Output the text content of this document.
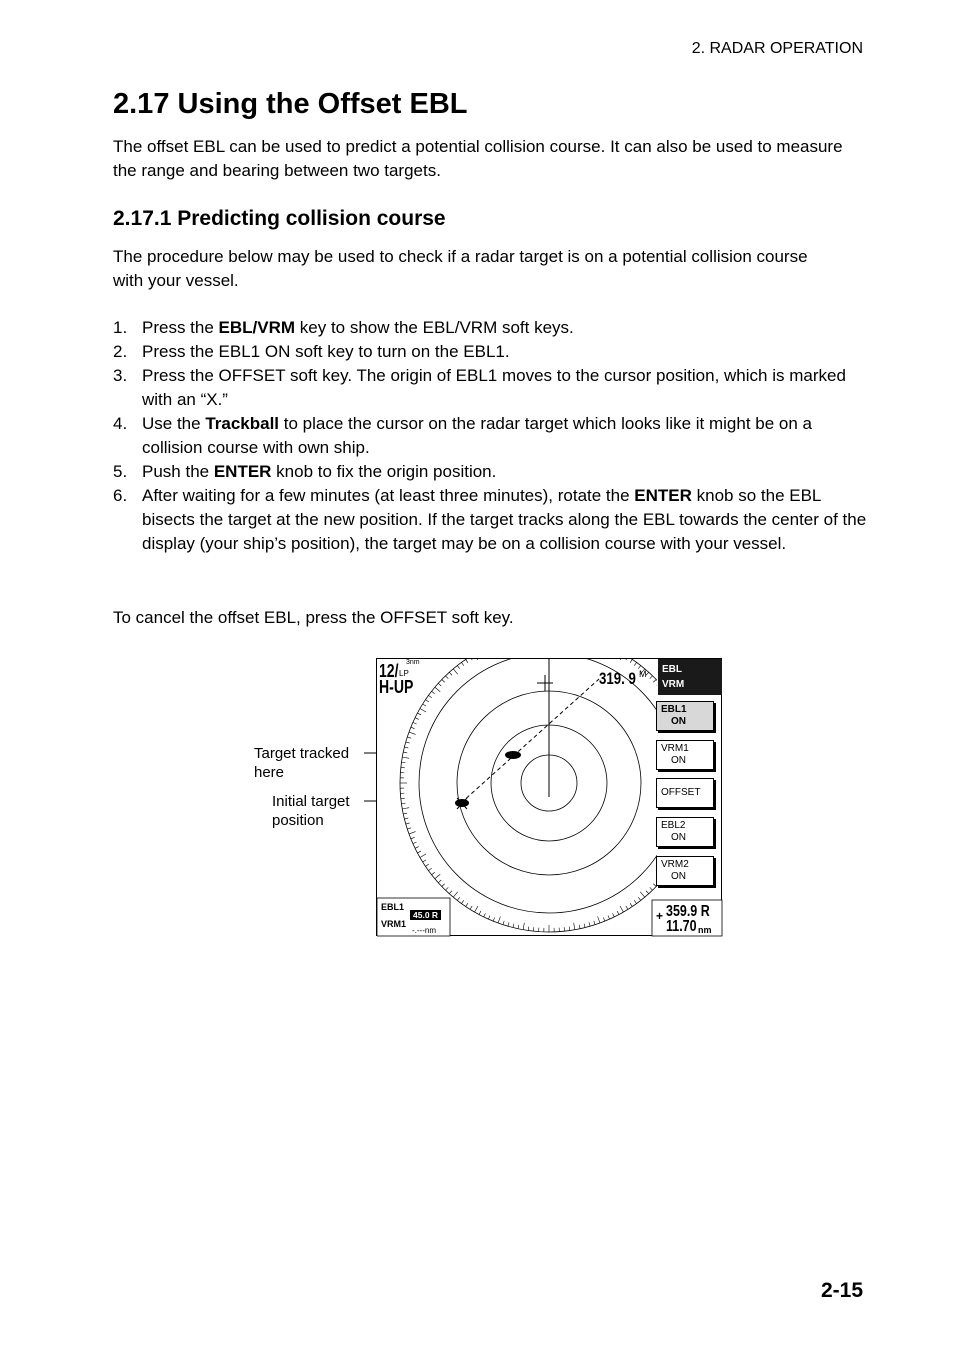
2. RADAR OPERATION
2.17 Using the Offset EBL

The offset EBL can be used to predict a potential collision course. It can also be used to measure the range and bearing between two targets.

2.17.1 Predicting collision course

The procedure below may be used to check if a radar target is on a potential collision course with your vessel.

1. Press the EBL/VRM key to show the EBL/VRM soft keys.
2. Press the EBL1 ON soft key to turn on the EBL1.
3. Press the OFFSET soft key. The origin of EBL1 moves to the cursor position, which is marked with an “X.”
4. Use the Trackball to place the cursor on the radar target which looks like it might be on a collision course with own ship.
5. Push the ENTER knob to fix the origin position.
6. After waiting for a few minutes (at least three minutes), rotate the ENTER knob so the EBL bisects the target at the new position. If the target tracks along the EBL towards the center of the display (your ship’s position), the target may be on a collision course with your vessel.

To cancel the offset EBL, press the OFFSET soft key.

Target tracked
here
Initial target
position
3nm
12/ LP
H-UP	319. 9 M EBL
VRM
EBL1
ON
VRM1
ON
OFFSET
EBL2
ON
VRM2
ON
EBL1
45.0 R
VRM1
-.---nm
+ 359.9 R
11.70 nm
2-15
